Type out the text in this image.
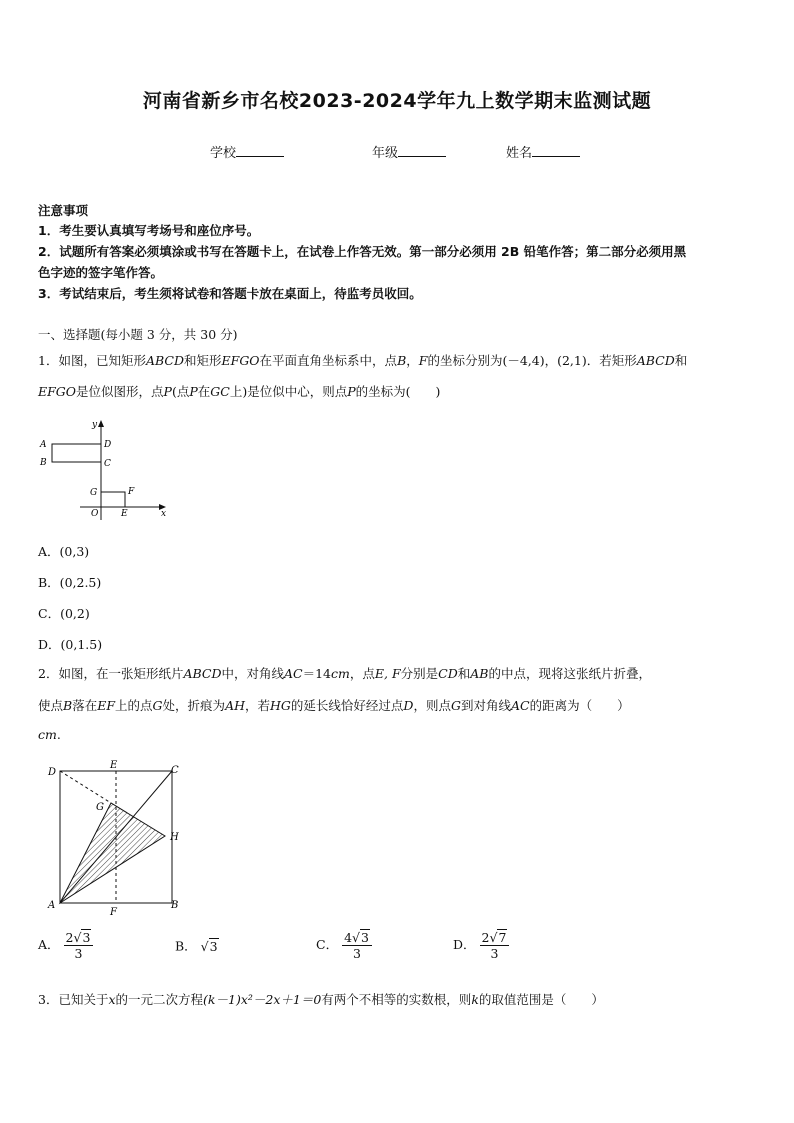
河南省新乡市名校2023-2024学年九上数学期末监测试题
学校	年级	姓名
注意事项
1．考生要认真填写考场号和座位序号。
2．试题所有答案必须填涂或书写在答题卡上，在试卷上作答无效。第一部分必须用 2B 铅笔作答；第二部分必须用黑
色字迹的签字笔作答。
3．考试结束后，考生须将试卷和答题卡放在桌面上，待监考员收回。
一、选择题(每小题 3 分，共 30 分)
1．如图，已知矩形ABCD和矩形EFGO在平面直角坐标系中，点B，F的坐标分别为(－4,4)，(2,1)．若矩形ABCD和
EFGO是位似图形，点P(点P在GC上)是位似中心，则点P的坐标为(　　)
y
A	D
B	C
G	F
O	E	x
A．(0,3)
B．(0,2.5)
C．(0,2)
D．(0,1.5)
2．如图，在一张矩形纸片ABCD中，对角线AC＝14cm，点E, F分别是CD和AB的中点，现将这张纸片折叠，
使点B落在EF上的点G处，折痕为AH，若HG的延长线恰好经过点D，则点G到对角线AC的距离为（　　）
cm.
D
E	C
G
H
A
F
B
A． $\frac{2√3}{3}$	B． √3	C． $\frac{4√3}{3}$	D． $\frac{2√7}{3}$
3．已知关于x的一元二次方程(k－1)x²－2x＋1＝0有两个不相等的实数根，则k的取值范围是（　　）
